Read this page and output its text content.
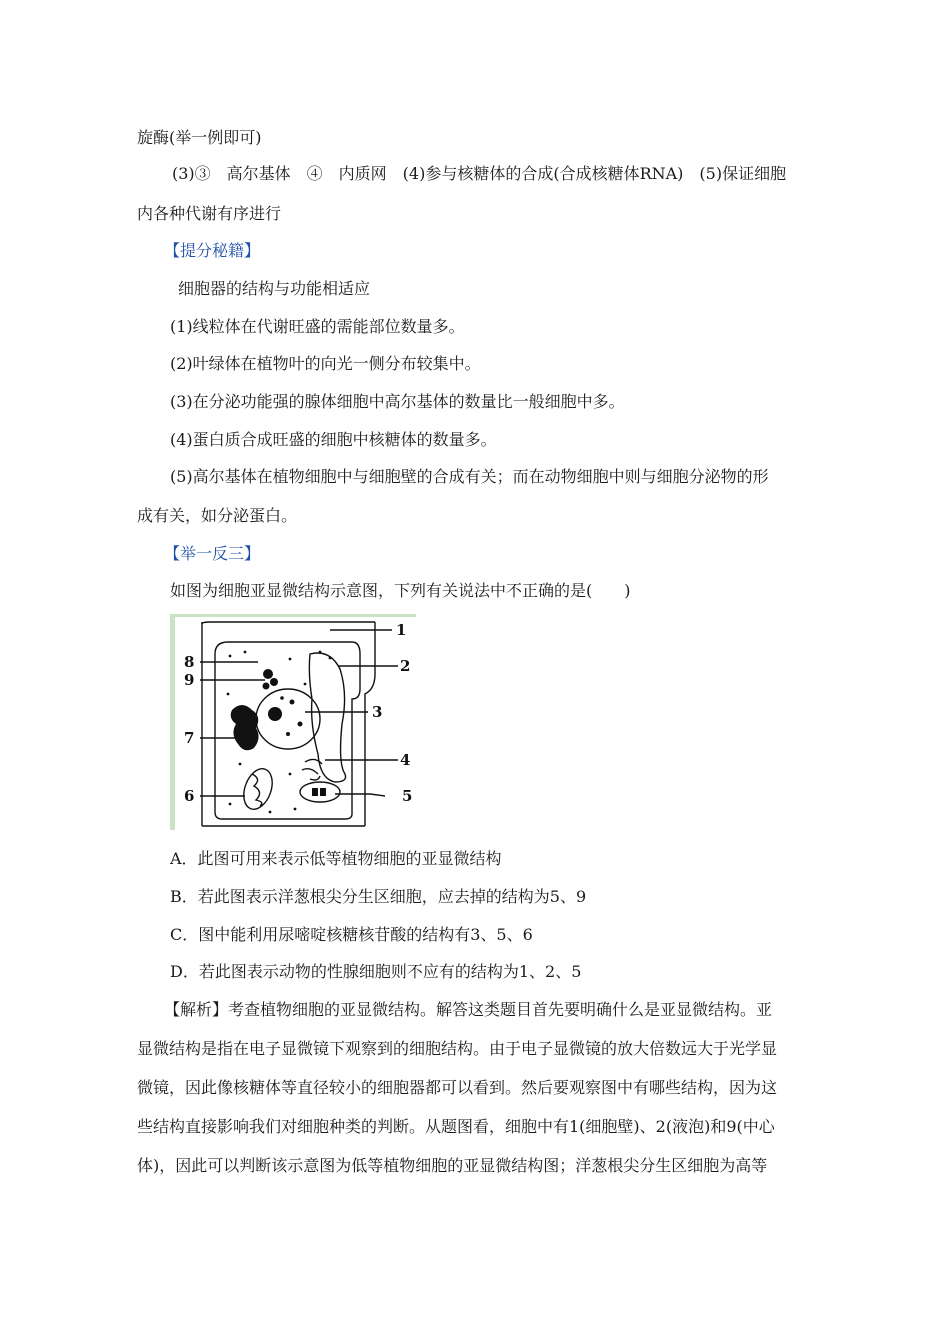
旋酶(举一例即可)
(3)③　高尔基体　④　内质网　(4)参与核糖体的合成(合成核糖体RNA)　(5)保证细胞
内各种代谢有序进行
【提分秘籍】
细胞器的结构与功能相适应
(1)线粒体在代谢旺盛的需能部位数量多。
(2)叶绿体在植物叶的向光一侧分布较集中。
(3)在分泌功能强的腺体细胞中高尔基体的数量比一般细胞中多。
(4)蛋白质合成旺盛的细胞中核糖体的数量多。
(5)高尔基体在植物细胞中与细胞壁的合成有关；而在动物细胞中则与细胞分泌物的形
成有关，如分泌蛋白。
【举一反三】
如图为细胞亚显微结构示意图，下列有关说法中不正确的是(　　)
1
2
3
4
5
6
7
8
9
A．此图可用来表示低等植物细胞的亚显微结构
B．若此图表示洋葱根尖分生区细胞，应去掉的结构为5、9
C．图中能利用尿嘧啶核糖核苷酸的结构有3、5、6
D．若此图表示动物的性腺细胞则不应有的结构为1、2、5
【解析】考查植物细胞的亚显微结构。解答这类题目首先要明确什么是亚显微结构。亚
显微结构是指在电子显微镜下观察到的细胞结构。由于电子显微镜的放大倍数远大于光学显
微镜，因此像核糖体等直径较小的细胞器都可以看到。然后要观察图中有哪些结构，因为这
些结构直接影响我们对细胞种类的判断。从题图看，细胞中有1(细胞壁)、2(液泡)和9(中心
体)，因此可以判断该示意图为低等植物细胞的亚显微结构图；洋葱根尖分生区细胞为高等
